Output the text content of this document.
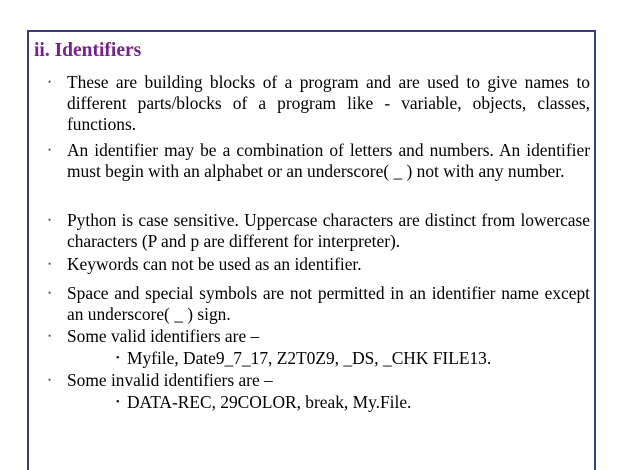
ii. Identifiers
• These are building blocks of a program and are used to give names to different parts/blocks of a program like - variable, objects, classes, functions.
• An identifier may be a combination of letters and numbers. An identifier must begin with an alphabet or an underscore( _ ) not with any number.
• Python is case sensitive. Uppercase characters are distinct from lowercase characters (P and p are different for interpreter).
• Keywords can not be used as an identifier.
• Space and special symbols are not permitted in an identifier name except an underscore( _ ) sign.
• Some valid identifiers are –
• Myfile, Date9_7_17, Z2T0Z9, _DS, _CHK FILE13.
• Some invalid identifiers are –
• DATA-REC, 29COLOR, break, My.File.
